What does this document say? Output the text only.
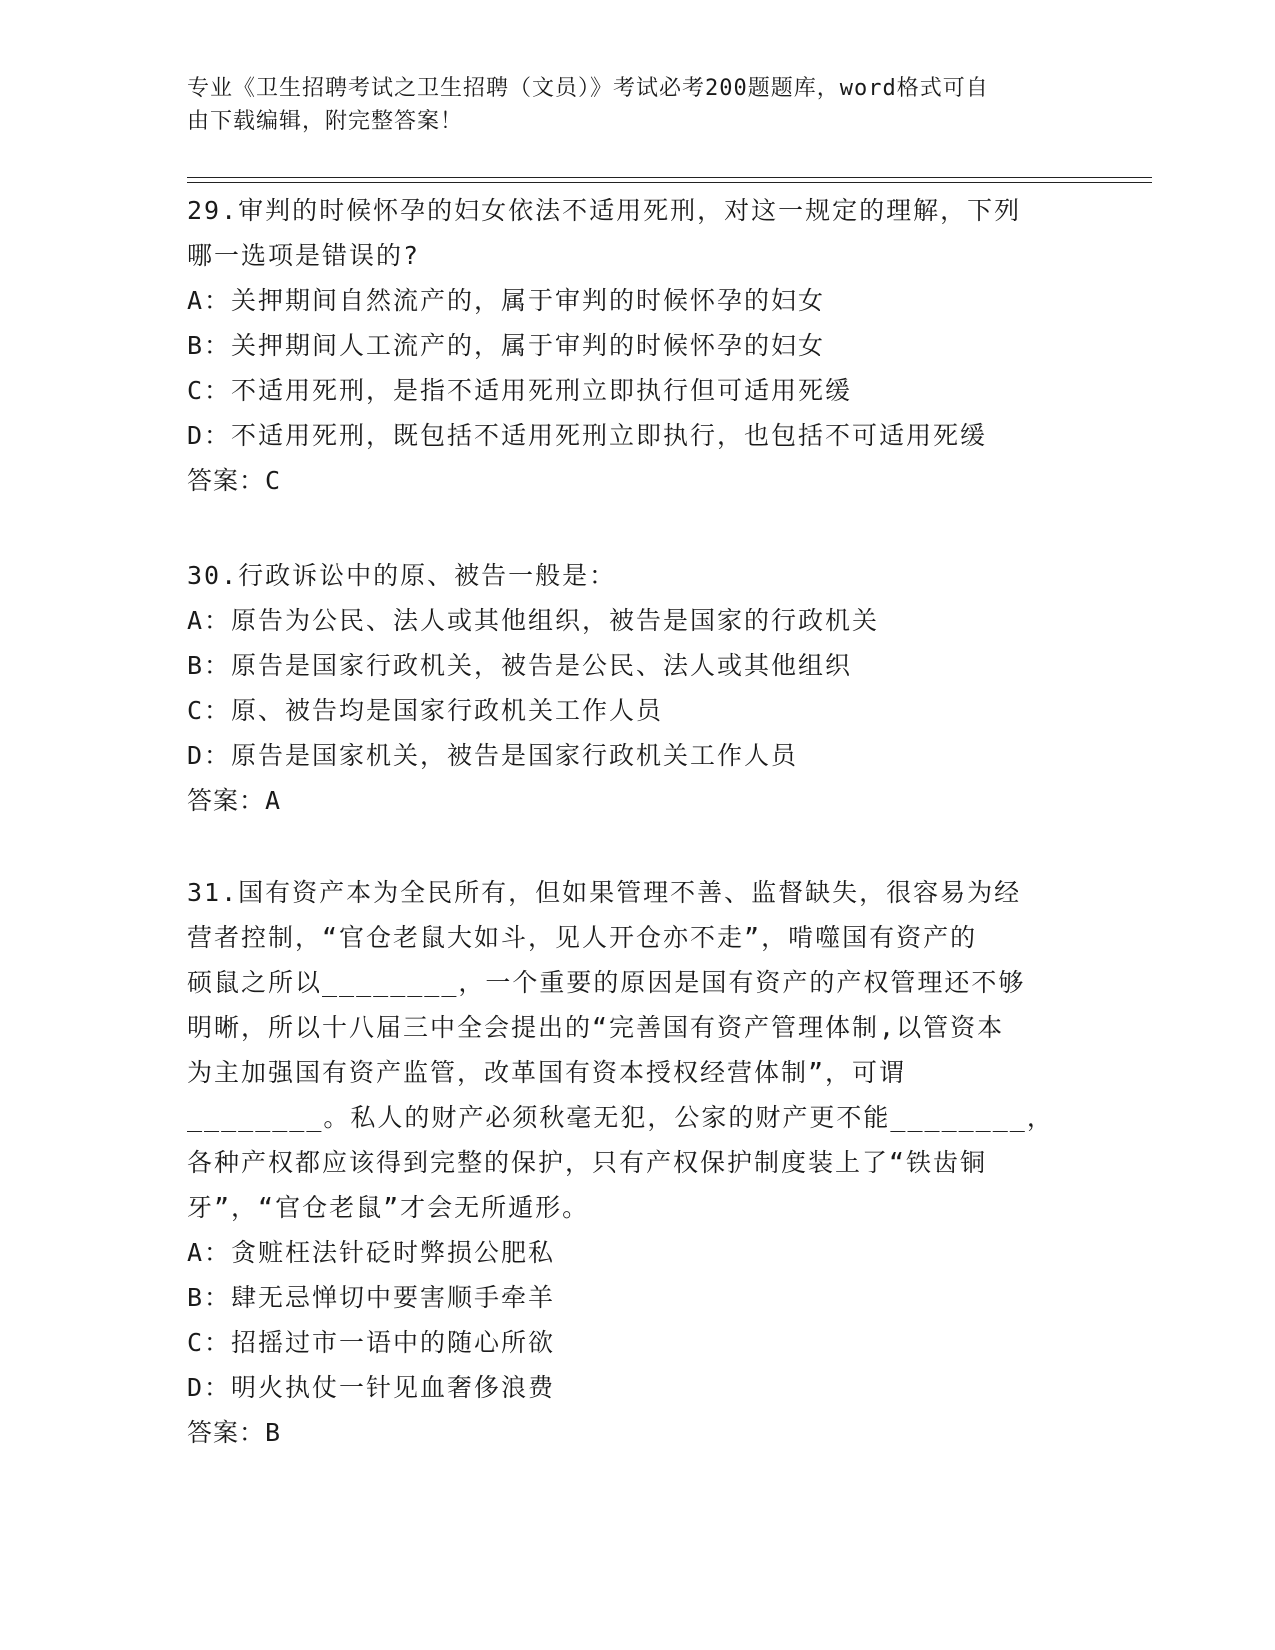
专业《卫生招聘考试之卫生招聘（文员）》考试必考200题题库，word格式可自
由下载编辑，附完整答案！
29.审判的时候怀孕的妇女依法不适用死刑，对这一规定的理解，下列
哪一选项是错误的?
A：关押期间自然流产的，属于审判的时候怀孕的妇女
B：关押期间人工流产的，属于审判的时候怀孕的妇女
C：不适用死刑，是指不适用死刑立即执行但可适用死缓
D：不适用死刑，既包括不适用死刑立即执行，也包括不可适用死缓
答案：C
30.行政诉讼中的原、被告一般是：
A：原告为公民、法人或其他组织，被告是国家的行政机关
B：原告是国家行政机关，被告是公民、法人或其他组织
C：原、被告均是国家行政机关工作人员
D：原告是国家机关，被告是国家行政机关工作人员
答案：A
31.国有资产本为全民所有，但如果管理不善、监督缺失，很容易为经
营者控制，“官仓老鼠大如斗，见人开仓亦不走”，啃噬国有资产的
硕鼠之所以________，一个重要的原因是国有资产的产权管理还不够
明晰，所以十八届三中全会提出的“完善国有资产管理体制,以管资本
为主加强国有资产监管，改革国有资本授权经营体制”，可谓
________。私人的财产必须秋毫无犯，公家的财产更不能________，
各种产权都应该得到完整的保护，只有产权保护制度装上了“铁齿铜
牙”，“官仓老鼠”才会无所遁形。
A：贪赃枉法针砭时弊损公肥私
B：肆无忌惮切中要害顺手牵羊
C：招摇过市一语中的随心所欲
D：明火执仗一针见血奢侈浪费
答案：B
